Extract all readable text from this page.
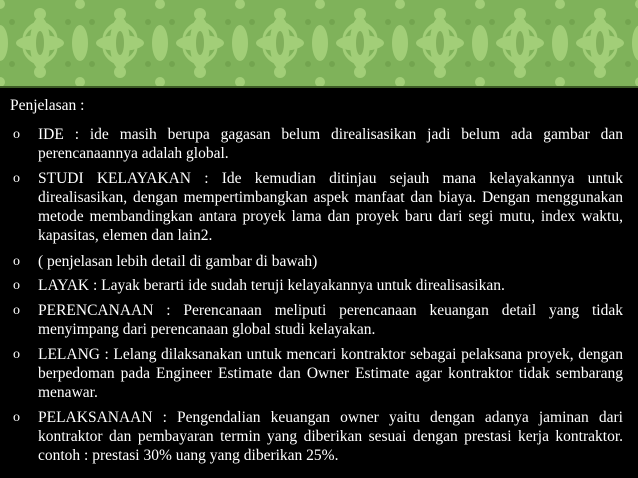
Penjelasan :
o IDE : ide masih berupa gagasan belum direalisasikan jadi belum ada gambar dan perencanaannya adalah global.
o STUDI KELAYAKAN : Ide kemudian ditinjau sejauh mana kelayakannya untuk direalisasikan, dengan mempertimbangkan aspek manfaat dan biaya. Dengan menggunakan metode membandingkan antara proyek lama dan proyek baru dari segi mutu, index waktu, kapasitas, elemen dan lain2.
o ( penjelasan lebih detail di gambar di bawah)
o LAYAK : Layak berarti ide sudah teruji kelayakannya untuk direalisasikan.
o PERENCANAAN : Perencanaan meliputi perencanaan keuangan detail yang tidak menyimpang dari perencanaan global studi kelayakan.
o LELANG : Lelang dilaksanakan untuk mencari kontraktor sebagai pelaksana proyek, dengan berpedoman pada Engineer Estimate dan Owner Estimate agar kontraktor tidak sembarang menawar.
o PELAKSANAAN : Pengendalian keuangan owner yaitu dengan adanya jaminan dari kontraktor dan pembayaran termin yang diberikan sesuai dengan prestasi kerja kontraktor. contoh : prestasi 30% uang yang diberikan 25%.
